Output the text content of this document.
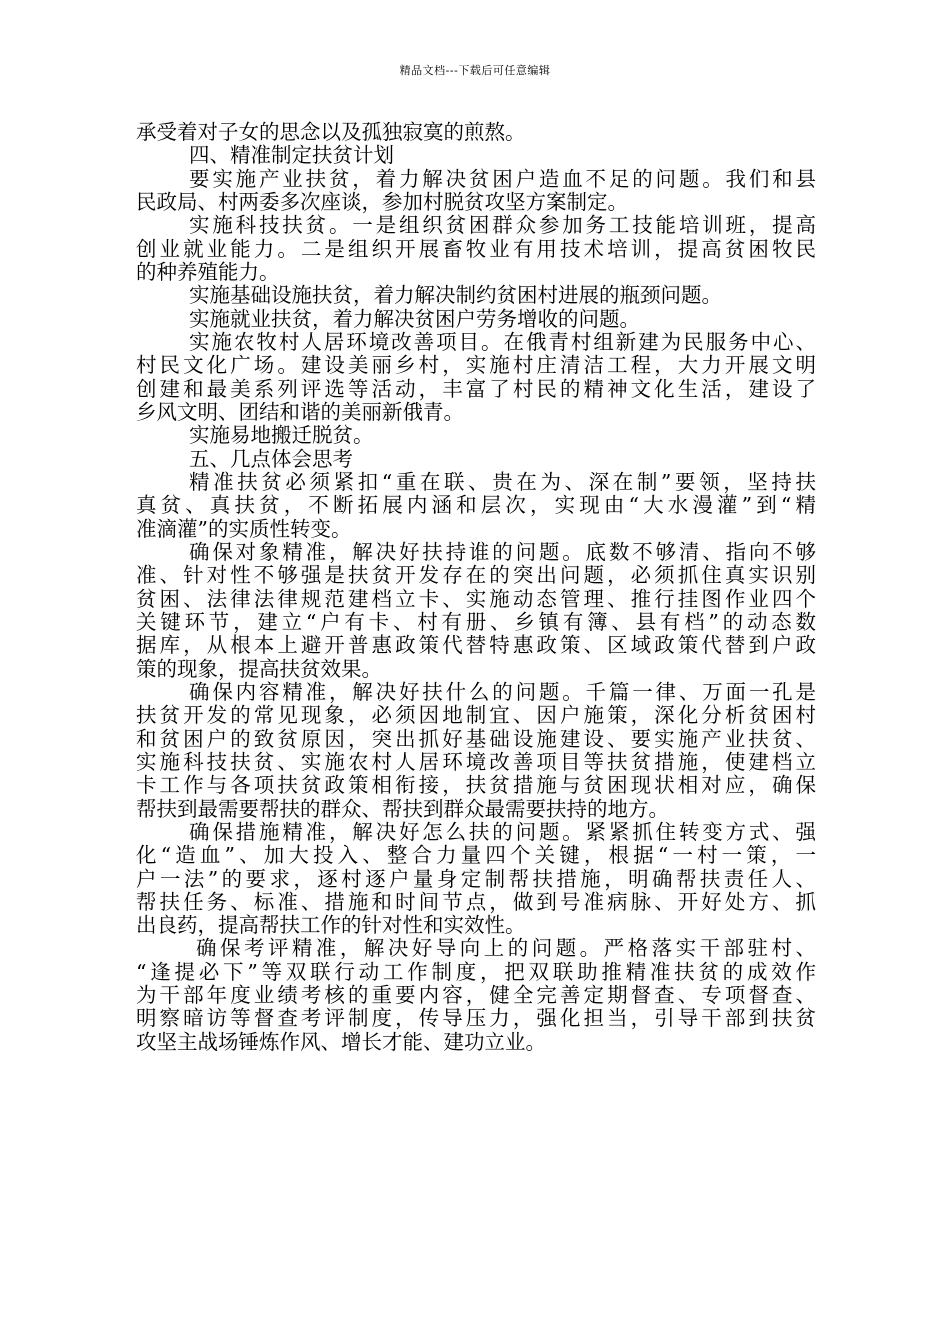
精品文档---下载后可任意编辑
承受着对子女的思念以及孤独寂寞的煎熬。
四、精准制定扶贫计划
要实施产业扶贫，着力解决贫困户造血不足的问题。我们和县
民政局、村两委多次座谈，参加村脱贫攻坚方案制定。
实施科技扶贫。一是组织贫困群众参加务工技能培训班，提高
创业就业能力。二是组织开展畜牧业有用技术培训，提高贫困牧民
的种养殖能力。
实施基础设施扶贫，着力解决制约贫困村进展的瓶颈问题。
实施就业扶贫，着力解决贫困户劳务增收的问题。
实施农牧村人居环境改善项目。在俄青村组新建为民服务中心、
村民文化广场。建设美丽乡村，实施村庄清洁工程，大力开展文明
创建和最美系列评选等活动，丰富了村民的精神文化生活，建设了
乡风文明、团结和谐的美丽新俄青。
实施易地搬迁脱贫。
五、几点体会思考
精准扶贫必须紧扣“重在联、贵在为、深在制”要领，坚持扶
真贫、真扶贫，不断拓展内涵和层次，实现由“大水漫灌”到“精
准滴灌”的实质性转变。
确保对象精准，解决好扶持谁的问题。底数不够清、指向不够
准、针对性不够强是扶贫开发存在的突出问题，必须抓住真实识别
贫困、法律法律规范建档立卡、实施动态管理、推行挂图作业四个
关键环节，建立“户有卡、村有册、乡镇有簿、县有档”的动态数
据库，从根本上避开普惠政策代替特惠政策、区域政策代替到户政
策的现象，提高扶贫效果。
确保内容精准，解决好扶什么的问题。千篇一律、万面一孔是
扶贫开发的常见现象，必须因地制宜、因户施策，深化分析贫困村
和贫困户的致贫原因，突出抓好基础设施建设、要实施产业扶贫、
实施科技扶贫、实施农村人居环境改善项目等扶贫措施，使建档立
卡工作与各项扶贫政策相衔接，扶贫措施与贫困现状相对应，确保
帮扶到最需要帮扶的群众、帮扶到群众最需要扶持的地方。
确保措施精准，解决好怎么扶的问题。紧紧抓住转变方式、强
化“造血”、加大投入、整合力量四个关键，根据“一村一策，一
户一法”的要求，逐村逐户量身定制帮扶措施，明确帮扶责任人、
帮扶任务、标准、措施和时间节点，做到号准病脉、开好处方、抓
出良药，提高帮扶工作的针对性和实效性。
确保考评精准，解决好导向上的问题。严格落实干部驻村、
“逢提必下”等双联行动工作制度，把双联助推精准扶贫的成效作
为干部年度业绩考核的重要内容，健全完善定期督查、专项督查、
明察暗访等督查考评制度，传导压力，强化担当，引导干部到扶贫
攻坚主战场锤炼作风、增长才能、建功立业。
